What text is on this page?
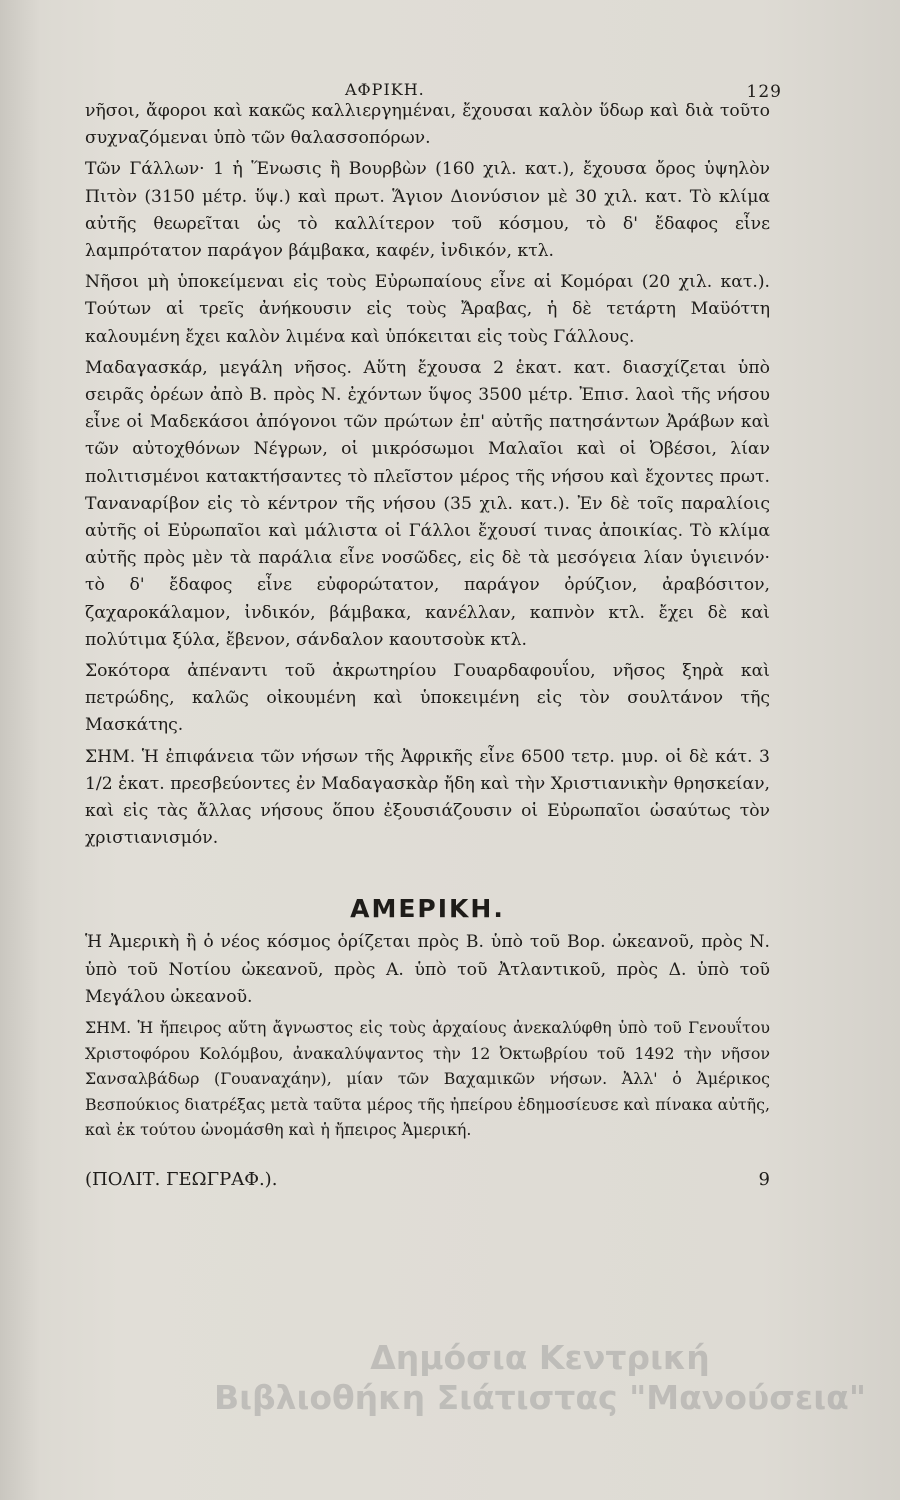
ΑΦΡΙΚΗ.	129

νῆσοι, ἄφοροι καὶ κακῶς καλλιεργημέναι, ἔχουσαι καλὸν ὕδωρ καὶ διὰ τοῦτο συχναζόμεναι ὑπὸ τῶν θαλασσοπόρων.

Τῶν Γάλλων· 1 ἡ Ἕνωσις ἢ Βουρβὼν (160 χιλ. κατ.), ἔχουσα ὄρος ὑψηλὸν Πιτὸν (3150 μέτρ. ὕψ.) καὶ πρωτ. Ἅγιον Διονύσιον μὲ 30 χιλ. κατ. Τὸ κλίμα αὐτῆς θεωρεῖται ὡς τὸ καλλίτερον τοῦ κόσμου, τὸ δ' ἔδαφος εἶνε λαμπρότατον παράγον βάμβακα, καφέν, ἰνδικόν, κτλ.

Νῆσοι μὴ ὑποκείμεναι εἰς τοὺς Εὐρωπαίους εἶνε αἱ Κομόραι (20 χιλ. κατ.). Τούτων αἱ τρεῖς ἀνήκουσιν εἰς τοὺς Ἄραβας, ἡ δὲ τετάρτη Μαϋόττη καλουμένη ἔχει καλὸν λιμένα καὶ ὑπόκειται εἰς τοὺς Γάλλους.

Μαδαγασκάρ, μεγάλη νῆσος. Αὕτη ἔχουσα 2 ἑκατ. κατ. διασχίζεται ὑπὸ σειρᾶς ὀρέων ἀπὸ Β. πρὸς Ν. ἐχόντων ὕψος 3500 μέτρ. Ἐπισ. λαοὶ τῆς νήσου εἶνε οἱ Μαδεκάσοι ἀπόγονοι τῶν πρώτων ἐπ' αὐτῆς πατησάντων Ἀράβων καὶ τῶν αὐτοχθόνων Νέγρων, οἱ μικρόσωμοι Μαλαῖοι καὶ οἱ Ὀβέσοι, λίαν πολιτισμένοι κατακτήσαντες τὸ πλεῖστον μέρος τῆς νήσου καὶ ἔχοντες πρωτ. Ταναναρίβον εἰς τὸ κέντρον τῆς νήσου (35 χιλ. κατ.). Ἐν δὲ τοῖς παραλίοις αὐτῆς οἱ Εὐρωπαῖοι καὶ μάλιστα οἱ Γάλλοι ἔχουσί τινας ἀποικίας. Τὸ κλίμα αὐτῆς πρὸς μὲν τὰ παράλια εἶνε νοσῶδες, εἰς δὲ τὰ μεσόγεια λίαν ὑγιεινόν· τὸ δ' ἔδαφος εἶνε εὐφορώτατον, παράγον ὀρύζιον, ἀραβόσιτον, ζαχαροκάλαμον, ἰνδικόν, βάμβακα, κανέλλαν, καπνὸν κτλ. ἔχει δὲ καὶ πολύτιμα ξύλα, ἔβενον, σάνδαλον καουτσοὺκ κτλ.

Σοκότορα ἀπέναντι τοῦ ἀκρωτηρίου Γουαρδαφουΐου, νῆσος ξηρὰ καὶ πετρώδης, καλῶς οἰκουμένη καὶ ὑποκειμένη εἰς τὸν σουλτάνον τῆς Μασκάτης.

ΣΗΜ. Ἡ ἐπιφάνεια τῶν νήσων τῆς Ἀφρικῆς εἶνε 6500 τετρ. μυρ. οἱ δὲ κάτ. 3 1/2 ἑκατ. πρεσβεύοντες ἐν Μαδαγασκὰρ ἤδη καὶ τὴν Χριστιανικὴν θρησκείαν, καὶ εἰς τὰς ἄλλας νήσους ὅπου ἐξουσιάζουσιν οἱ Εὐρωπαῖοι ὡσαύτως τὸν χριστιανισμόν.

ΑΜΕΡΙΚΗ.

Ἡ Ἀμερικὴ ἢ ὁ νέος κόσμος ὁρίζεται πρὸς Β. ὑπὸ τοῦ Βορ. ὠκεανοῦ, πρὸς Ν. ὑπὸ τοῦ Νοτίου ὠκεανοῦ, πρὸς Α. ὑπὸ τοῦ Ἀτλαντικοῦ, πρὸς Δ. ὑπὸ τοῦ Μεγάλου ὠκεανοῦ.

ΣΗΜ. Ἡ ἤπειρος αὕτη ἄγνωστος εἰς τοὺς ἀρχαίους ἀνεκαλύφθη ὑπὸ τοῦ Γενουΐτου Χριστοφόρου Κολόμβου, ἀνακαλύψαντος τὴν 12 Ὀκτωβρίου τοῦ 1492 τὴν νῆσον Σανσαλβάδωρ (Γουαναχάην), μίαν τῶν Βαχαμικῶν νήσων. Ἀλλ' ὁ Ἀμέρικος Βεσπούκιος διατρέξας μετὰ ταῦτα μέρος τῆς ἠπείρου ἐδημοσίευσε καὶ πίνακα αὐτῆς, καὶ ἐκ τούτου ὠνομάσθη καὶ ἡ ἤπειρος Ἀμερική.

(ΠΟΛΙΤ. ΓΕΩΓΡΑΦ.).	9
Δημόσια Κεντρική
Βιβλιοθήκη Σιάτιστας "Μανούσεια"
